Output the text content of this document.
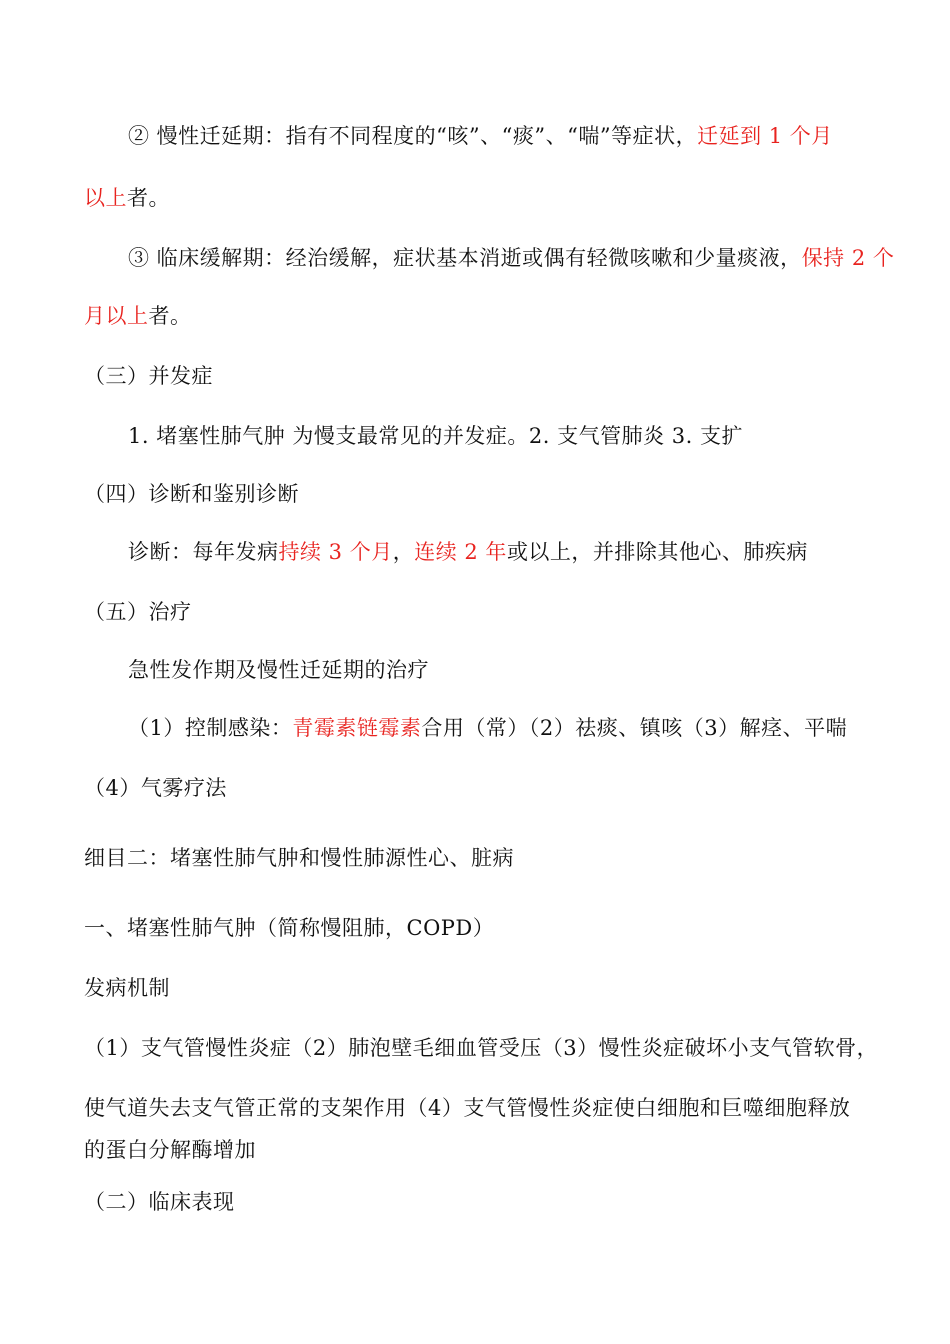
② 慢性迁延期：指有不同程度的“咳”、“痰”、“喘”等症状，迁延到 1 个月
以上者。
③ 临床缓解期：经治缓解，症状基本消逝或偶有轻微咳嗽和少量痰液，保持 2 个
月以上者。
（三）并发症
1. 堵塞性肺气肿 为慢支最常见的并发症。2. 支气管肺炎 3. 支扩
（四）诊断和鉴别诊断
诊断：每年发病持续 3 个月，连续 2 年或以上，并排除其他心、肺疾病
（五）治疗
急性发作期及慢性迁延期的治疗
（1）控制感染：青霉素链霉素合用（常）（2）祛痰、镇咳（3）解痉、平喘
（4）气雾疗法
细目二：堵塞性肺气肿和慢性肺源性心、脏病
一、堵塞性肺气肿（简称慢阻肺，COPD）
发病机制
（1）支气管慢性炎症（2）肺泡壁毛细血管受压（3）慢性炎症破坏小支气管软骨，
使气道失去支气管正常的支架作用（4）支气管慢性炎症使白细胞和巨噬细胞释放
的蛋白分解酶增加
（二）临床表现
